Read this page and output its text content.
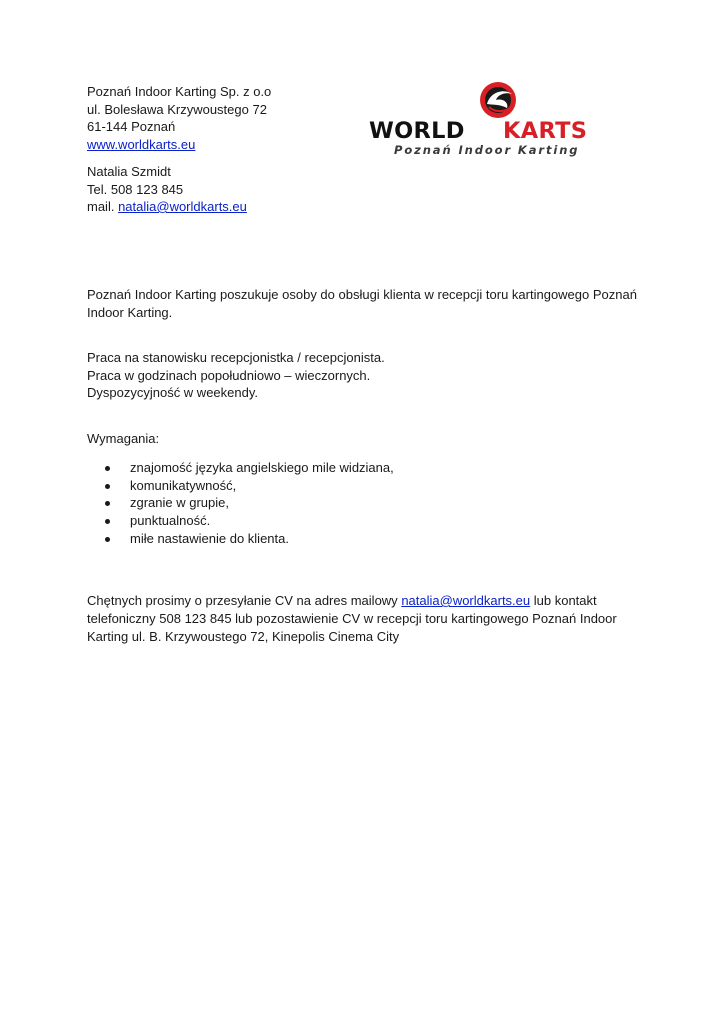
Poznań Indoor Karting Sp. z o.o
ul. Bolesława Krzywoustego 72
61-144 Poznań
www.worldkarts.eu
Natalia Szmidt
Tel. 508 123 845
mail. natalia@worldkarts.eu
WORLD KARTS
Poznań Indoor Karting
Poznań Indoor Karting poszukuje osoby do obsługi klienta w recepcji toru kartingowego Poznań Indoor Karting.
Praca na stanowisku recepcjonistka / recepcjonista.
Praca w godzinach popołudniowo – wieczornych.
Dyspozycyjność w weekendy.
Wymagania:
znajomość języka angielskiego mile widziana,
komunikatywność,
zgranie w grupie,
punktualność.
miłe nastawienie do klienta.
Chętnych prosimy o przesyłanie CV na adres mailowy natalia@worldkarts.eu lub kontakt telefoniczny 508 123 845 lub pozostawienie CV w recepcji toru kartingowego Poznań Indoor Karting ul. B. Krzywoustego 72, Kinepolis Cinema City
